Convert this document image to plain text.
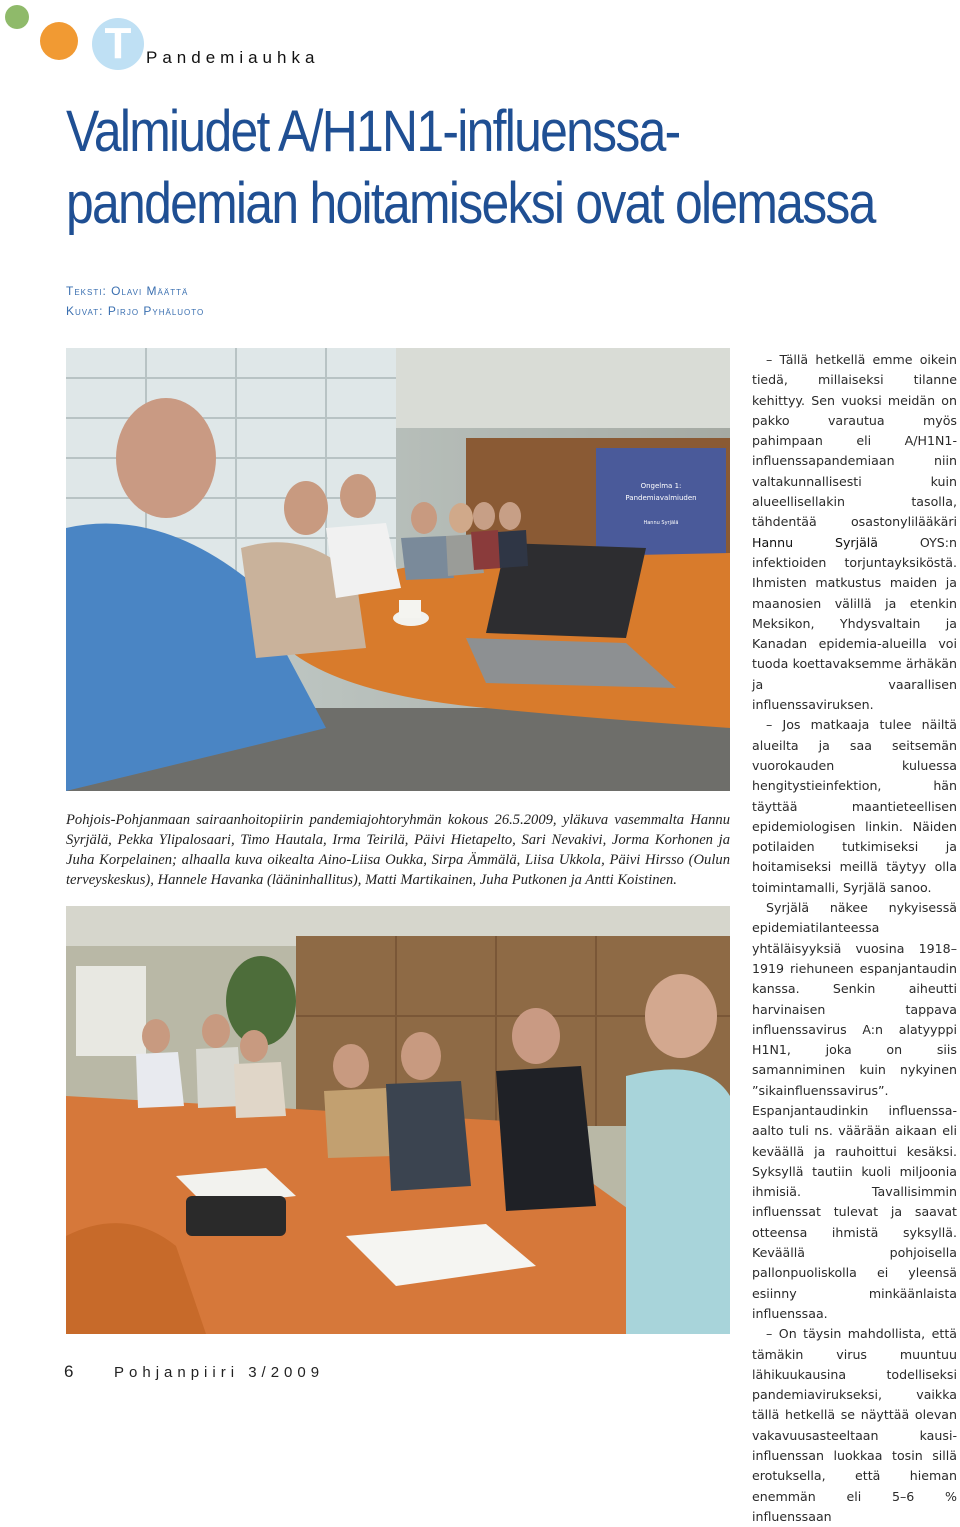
T Pandemiauhka
Valmiudet A/H1N1-influenssa-
pandemian hoitamiseksi ovat olemassa
Teksti: Olavi Määttä
Kuvat: Pirjo Pyhäluoto
Ongelma 1:
Pandemiavalmiuden
Hannu Syrjälä

Pohjois-Pohjanmaan sairaanhoitopiirin pandemiajohtoryhmän kokous 26.5.2009, yläkuva vasemmalta Hannu Syrjälä, Pekka Ylipalosaari, Timo Hautala, Irma Teirilä, Päivi Hietapelto, Sari Nevakivi, Jorma Korhonen ja Juha Korpelainen; alhaalla kuva oikealta Aino-Liisa Oukka, Sirpa Ämmälä, Liisa Ukkola, Päivi Hirsso (Oulun terveyskeskus), Hannele Havanka (lääninhallitus), Matti Martikainen, Juha Putkonen ja Antti Koistinen.

– Tällä hetkellä emme oikein tiedä, millaiseksi tilanne kehittyy. Sen vuoksi meidän on pakko varautua myös pahimpaan eli A/H1N1-influenssapandemiaan niin valtakunnallisesti kuin alueellisellakin tasolla, tähdentää osastonylilääkäri Hannu Syrjälä OYS:n infektioiden torjuntayksiköstä. Ihmisten matkustus maiden ja maanosien välillä ja etenkin Meksikon, Yhdysvaltain ja Kanadan epidemia-alueilla voi tuoda koettavaksemme ärhäkän ja vaarallisen influenssaviruksen.

– Jos matkaaja tulee näiltä alueilta ja saa seitsemän vuorokauden kuluessa hengitystieinfektion, hän täyttää maantieteellisen epidemiologisen linkin. Näiden potilaiden tutkimiseksi ja hoitamiseksi meillä täytyy olla toimintamalli, Syrjälä sanoo.

Syrjälä näkee nykyisessä epidemiatilanteessa yhtäläisyyksiä vuosina 1918–1919 riehuneen espanjantaudin kanssa. Senkin aiheutti harvinaisen tappava influenssavirus A:n alatyyppi H1N1, joka on siis samanniminen kuin nykyinen ”sikainfluenssavirus”. Espanjantaudinkin influenssa-aalto tuli ns. väärään aikaan eli keväällä ja rauhoittui kesäksi. Syksyllä tautiin kuoli miljoonia ihmisiä. Tavallisimmin influenssat tulevat ja saavat otteensa ihmistä syksyllä. Keväällä pohjoisella pallonpuoliskolla ei yleensä esiinny minkäänlaista influenssaa.

– On täysin mahdollista, että tämäkin virus muuntuu lähikuukausina todelliseksi pandemiavirukseksi, vaikka tällä hetkellä se näyttää olevan vakavuusasteeltaan kausi-influenssan luokkaa tosin sillä erotuksella, että hieman enemmän eli 5–6 % influenssaan

6	Pohjanpiiri 3/2009
